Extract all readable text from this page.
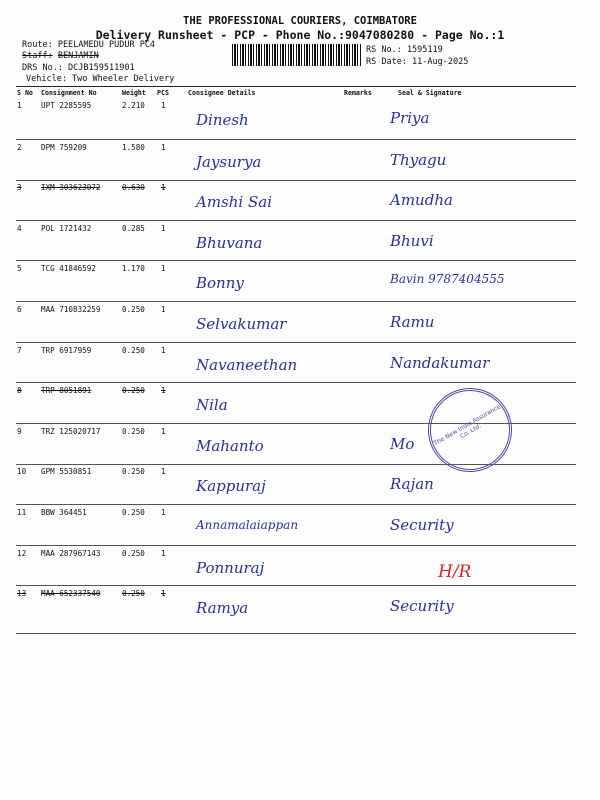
THE PROFESSIONAL COURIERS, COIMBATORE
Delivery Runsheet - PCP - Phone No.:9047080280 - Page No.:1
Route: PEELAMEDU PUDUR PC4
Staff: BENJAMIN
DRS No.: DCJB159511901
Vehicle: Two Wheeler Delivery
RS No.: 1595119
RS Date: 11-Aug-2025
S No Consignment No	Weight PCS	Consignee Details	Remarks	Seal & Signature
1	UPT 2285595	2.210 1
Dinesh	Priya
2	DPM 759209	1.580 1
Jaysurya	Thyagu
3	IXM 303623072	0.630 1
Amshi Sai	Amudha
4	POL 1721432	0.285 1
Bhuvana	Bhuvi
5	TCG 41846592	1.170 1
Bonny	Bavin 9787404555
6	MAA 710832259	0.250 1
Selvakumar	Ramu
7	TRP 6917959	0.250 1
Navaneethan	Nandakumar
8	TRP 8051891	0.250 1
Nila
9	TRZ 125020717	0.250 1
Mahanto	Mo
10 GPM 5530851	0.250 1
Kappuraj	Rajan
11 BBW 364451	0.250 1
Annamalaiappan	Security
12 MAA 287967143	0.250 1
Ponnuraj
13 MAA 652337540	0.250 1
Ramya	Security
The New India Assurance Co. Ltd.
H/R
